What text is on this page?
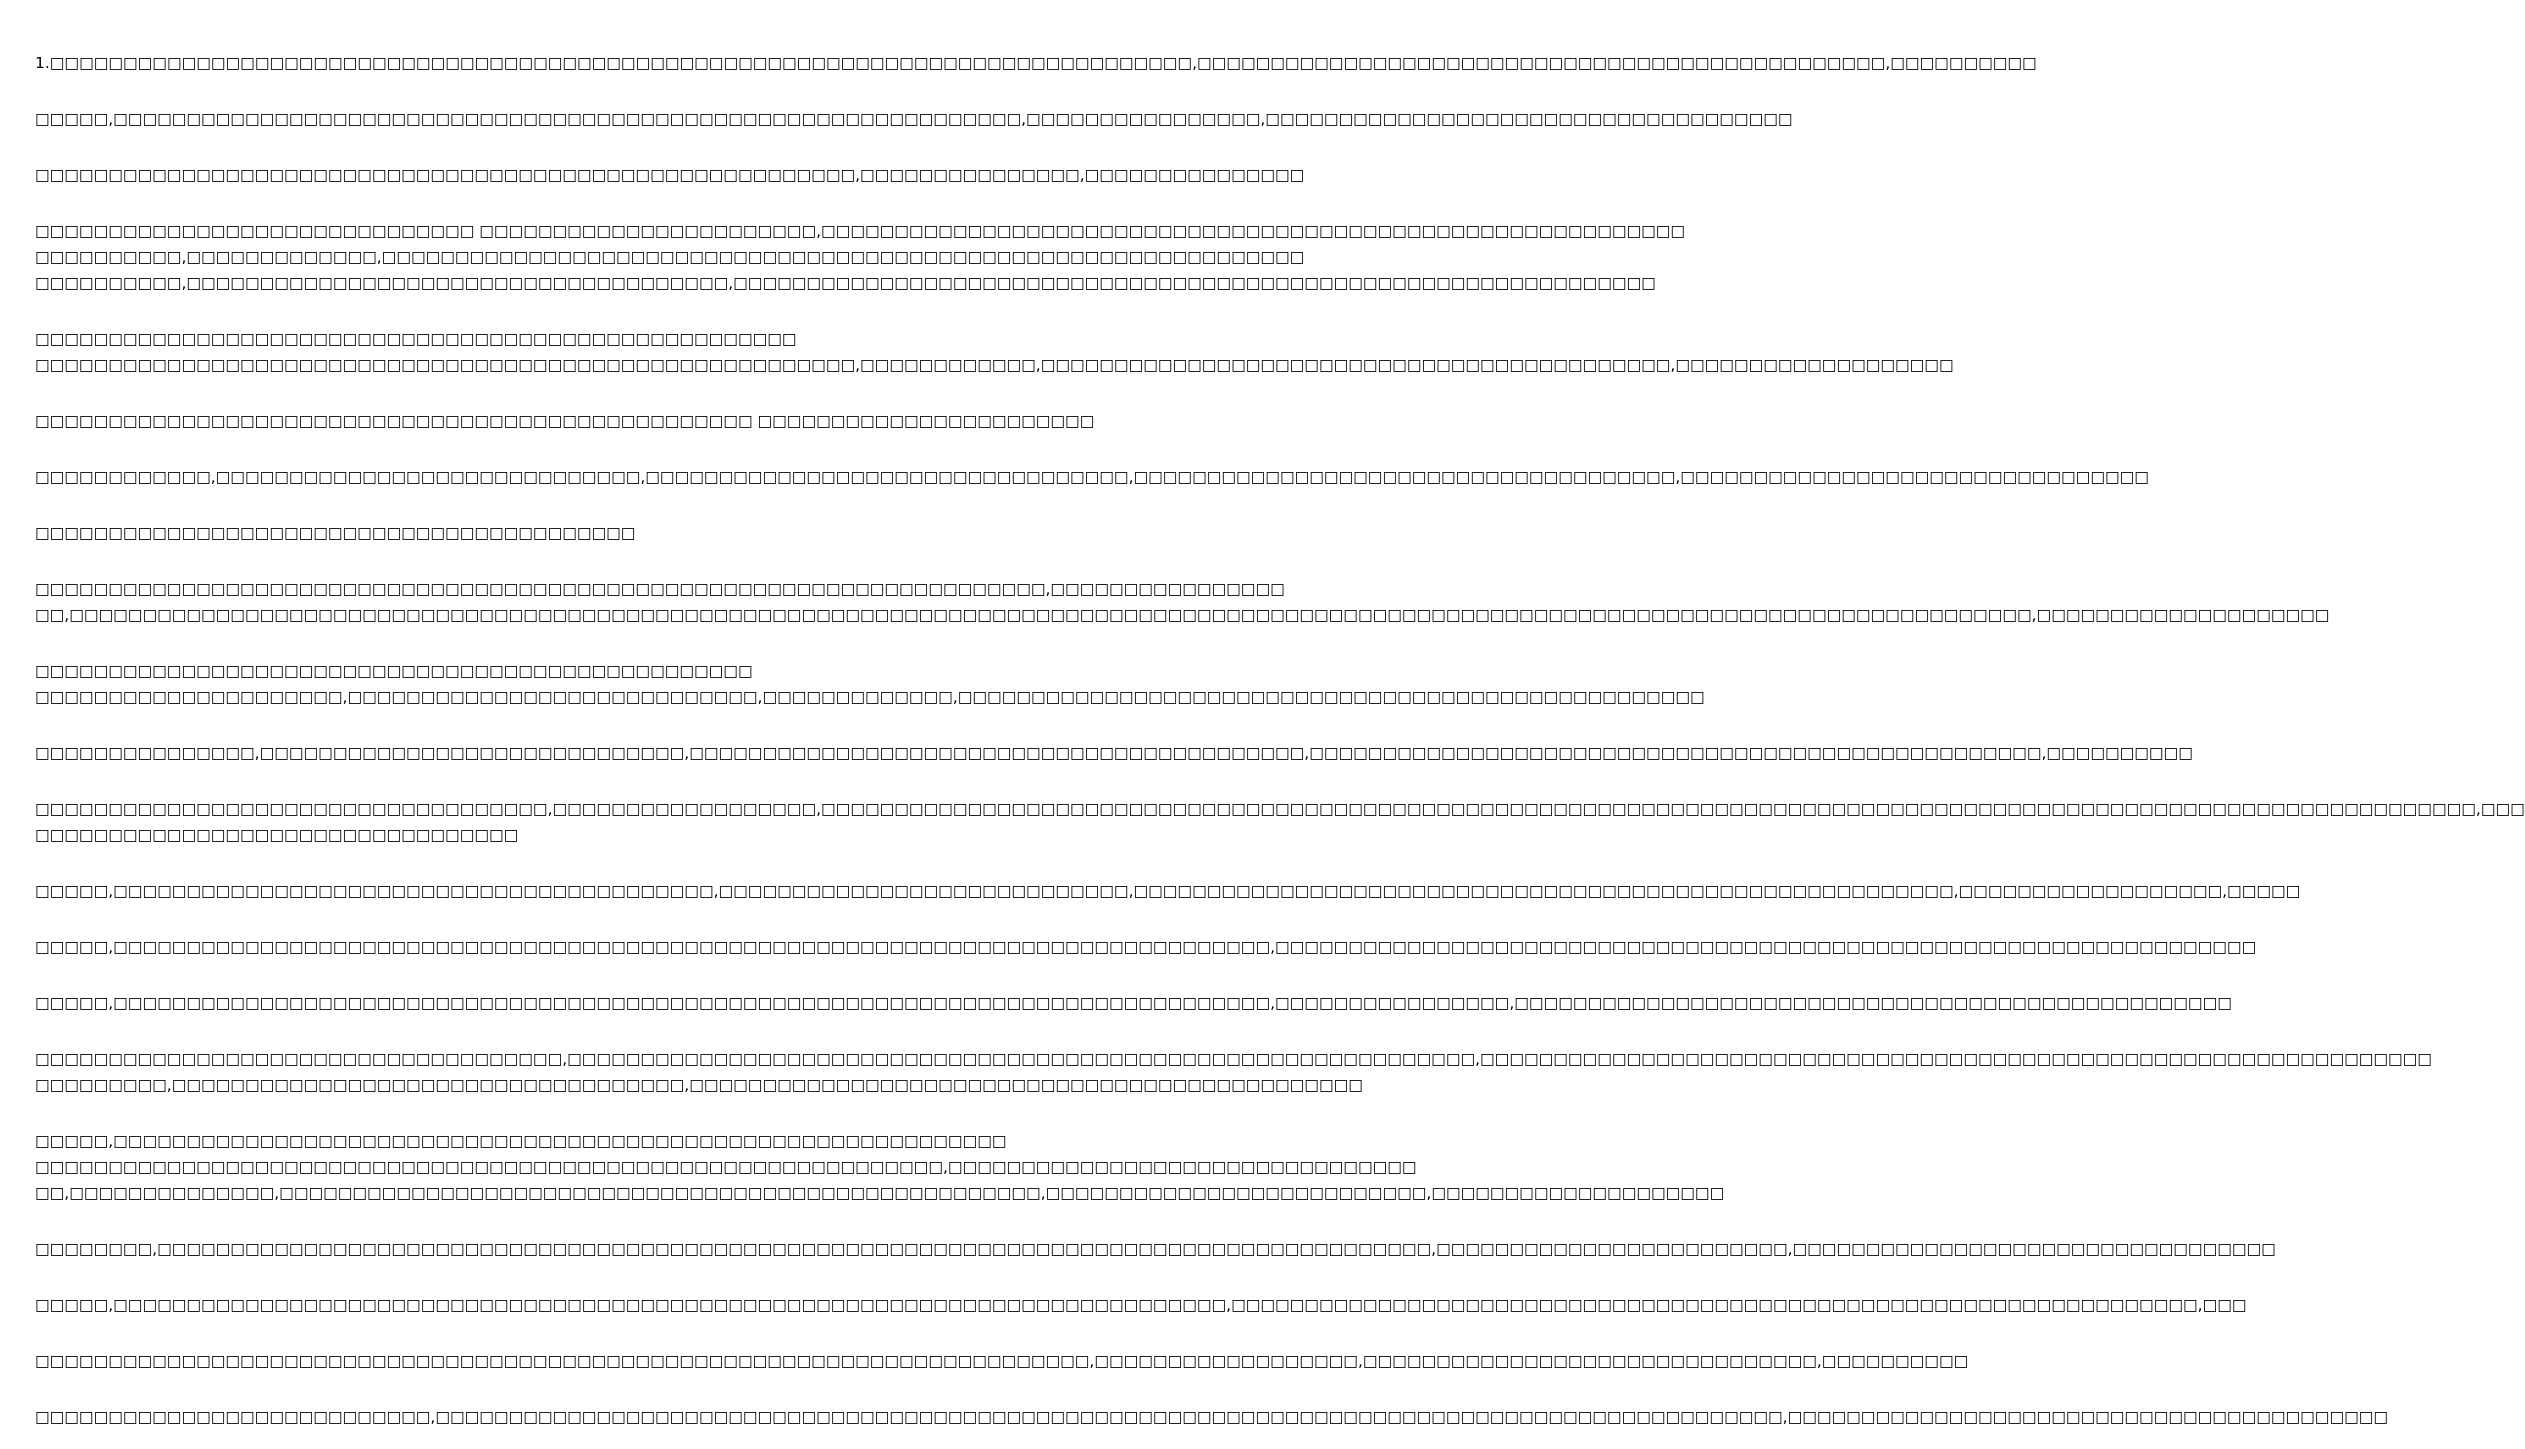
1.□□□□□□□□□□□□□□□□□□□□□□□□□□□□□□□□□□□□□□□□□□□□□□□□□□□□□□□□□□□□□□□□□□□□□□□□□□□□□□,□□□□□□□□□□□□□□□□□□□□□□□□□□□□□□□□□□□□□□□□□□□□□□□,□□□□□□□□□□
□□□□□,□□□□□□□□□□□□□□□□□□□□□□□□□□□□□□□□□□□□□□□□□□□□□□□□□□□□□□□□□□□□□□,□□□□□□□□□□□□□□□□,□□□□□□□□□□□□□□□□□□□□□□□□□□□□□□□□□□□□
□□□□□□□□□□□□□□□□□□□□□□□□□□□□□□□□□□□□□□□□□□□□□□□□□□□□□□□□,□□□□□□□□□□□□□□□,□□□□□□□□□□□□□□□
□□□□□□□□□□□□□□□□□□□□□□□□□□□□□□ □□□□□□□□□□□□□□□□□□□□□□□,□□□□□□□□□□□□□□□□□□□□□□□□□□□□□□□□□□□□□□□□□□□□□□□□□□□□□□□□□□□
□□□□□□□□□□,□□□□□□□□□□□□□,□□□□□□□□□□□□□□□□□□□□□□□□□□□□□□□□□□□□□□□□□□□□□□□□□□□□□□□□□□□□□□□
□□□□□□□□□□,□□□□□□□□□□□□□□□□□□□□□□□□□□□□□□□□□□□□□,□□□□□□□□□□□□□□□□□□□□□□□□□□□□□□□□□□□□□□□□□□□□□□□□□□□□□□□□□□□□□□□
□□□□□□□□□□□□□□□□□□□□□□□□□□□□□□□□□□□□□□□□□□□□□□□□□□□□
□□□□□□□□□□□□□□□□□□□□□□□□□□□□□□□□□□□□□□□□□□□□□□□□□□□□□□□□,□□□□□□□□□□□□,□□□□□□□□□□□□□□□□□□□□□□□□□□□□□□□□□□□□□□□□□□□,□□□□□□□□□□□□□□□□□□□
□□□□□□□□□□□□□□□□□□□□□□□□□□□□□□□□□□□□□□□□□□□□□□□□□ □□□□□□□□□□□□□□□□□□□□□□□
□□□□□□□□□□□□,□□□□□□□□□□□□□□□□□□□□□□□□□□□□□,□□□□□□□□□□□□□□□□□□□□□□□□□□□□□□□□□,□□□□□□□□□□□□□□□□□□□□□□□□□□□□□□□□□□□□□,□□□□□□□□□□□□□□□□□□□□□□□□□□□□□□□□
□□□□□□□□□□□□□□□□□□□□□□□□□□□□□□□□□□□□□□□□□
□□□□□□□□□□□□□□□□□□□□□□□□□□□□□□□□□□□□□□□□□□□□□□□□□□□□□□□□□□□□□□□□□□□□□,□□□□□□□□□□□□□□□□
□□,□□□□□□□□□□□□□□□□□□□□□□□□□□□□□□□□□□□□□□□□□□□□□□□□□□□□□□□□□□□□□□□□□□□□□□□□□□□□□□□□□□□□□□□□□□□□□□□□□□□□□□□□□□□□□□□□□□□□□□□□□□□□□□□□□□□□□□,□□□□□□□□□□□□□□□□□□□□
□□□□□□□□□□□□□□□□□□□□□□□□□□□□□□□□□□□□□□□□□□□□□□□□□
□□□□□□□□□□□□□□□□□□□□□,□□□□□□□□□□□□□□□□□□□□□□□□□□□□,□□□□□□□□□□□□□,□□□□□□□□□□□□□□□□□□□□□□□□□□□□□□□□□□□□□□□□□□□□□□□□□□□
□□□□□□□□□□□□□□□,□□□□□□□□□□□□□□□□□□□□□□□□□□□□□,□□□□□□□□□□□□□□□□□□□□□□□□□□□□□□□□□□□□□□□□□□,□□□□□□□□□□□□□□□□□□□□□□□□□□□□□□□□□□□□□□□□□□□□□□□□□□,□□□□□□□□□□
□□□□□□□□□□□□□□□□□□□□□□□□□□□□□□□□□□□,□□□□□□□□□□□□□□□□□□,□□□□□□□□□□□□□□□□□□□□□□□□□□□□□□□□□□□□□□□□□□□□□□□□□□□□□□□□□□□□□□□□□□□□□□□□□□□□□□□□□□□□□□□□□□□□□□□□□□□□□□□□□□□□□□□□□,□□□
□□□□□□□□□□□□□□□□□□□□□□□□□□□□□□□□□
□□□□□,□□□□□□□□□□□□□□□□□□□□□□□□□□□□□□□□□□□□□□□□□,□□□□□□□□□□□□□□□□□□□□□□□□□□□□,□□□□□□□□□□□□□□□□□□□□□□□□□□□□□□□□□□□□□□□□□□□□□□□□□□□□□□□□,□□□□□□□□□□□□□□□□□□,□□□□□
□□□□□,□□□□□□□□□□□□□□□□□□□□□□□□□□□□□□□□□□□□□□□□□□□□□□□□□□□□□□□□□□□□□□□□□□□□□□□□□□□□□□□,□□□□□□□□□□□□□□□□□□□□□□□□□□□□□□□□□□□□□□□□□□□□□□□□□□□□□□□□□□□□□□□□□□□
□□□□□,□□□□□□□□□□□□□□□□□□□□□□□□□□□□□□□□□□□□□□□□□□□□□□□□□□□□□□□□□□□□□□□□□□□□□□□□□□□□□□□,□□□□□□□□□□□□□□□□,□□□□□□□□□□□□□□□□□□□□□□□□□□□□□□□□□□□□□□□□□□□□□□□□□
□□□□□□□□□□□□□□□□□□□□□□□□□□□□□□□□□□□□,□□□□□□□□□□□□□□□□□□□□□□□□□□□□□□□□□□□□□□□□□□□□□□□□□□□□□□□□□□□□□□,□□□□□□□□□□□□□□□□□□□□□□□□□□□□□□□□□□□□□□□□□□□□□□□□□□□□□□□□□□□□□□□□□
□□□□□□□□□,□□□□□□□□□□□□□□□□□□□□□□□□□□□□□□□□□□□,□□□□□□□□□□□□□□□□□□□□□□□□□□□□□□□□□□□□□□□□□□□□□□
□□□□□,□□□□□□□□□□□□□□□□□□□□□□□□□□□□□□□□□□□□□□□□□□□□□□□□□□□□□□□□□□□□□
□□□□□□□□□□□□□□□□□□□□□□□□□□□□□□□□□□□□□□□□□□□□□□□□□□□□□□□□□□□□□□,□□□□□□□□□□□□□□□□□□□□□□□□□□□□□□□□
□□,□□□□□□□□□□□□□□,□□□□□□□□□□□□□□□□□□□□□□□□□□□□□□□□□□□□□□□□□□□□□□□□□□□□,□□□□□□□□□□□□□□□□□□□□□□□□□□,□□□□□□□□□□□□□□□□□□□□
□□□□□□□□,□□□□□□□□□□□□□□□□□□□□□□□□□□□□□□□□□□□□□□□□□□□□□□□□□□□□□□□□□□□□□□□□□□□□□□□□□□□□□□□□□□□□□□□,□□□□□□□□□□□□□□□□□□□□□□□□,□□□□□□□□□□□□□□□□□□□□□□□□□□□□□□□□□
□□□□□,□□□□□□□□□□□□□□□□□□□□□□□□□□□□□□□□□□□□□□□□□□□□□□□□□□□□□□□□□□□□□□□□□□□□□□□□□□□□,□□□□□□□□□□□□□□□□□□□□□□□□□□□□□□□□□□□□□□□□□□□□□□□□□□□□□□□□□□□□□□□□□□,□□□
□□□□□□□□□□□□□□□□□□□□□□□□□□□□□□□□□□□□□□□□□□□□□□□□□□□□□□□□□□□□□□□□□□□□□□□□,□□□□□□□□□□□□□□□□□□,□□□□□□□□□□□□□□□□□□□□□□□□□□□□□□□,□□□□□□□□□□
□□□□□□□□□□□□□□□□□□□□□□□□□□□,□□□□□□□□□□□□□□□□□□□□□□□□□□□□□□□□□□□□□□□□□□□□□□□□□□□□□□□□□□□□□□□□□□□□□□□□□□□□□□□□□□□□□□□□□□□□,□□□□□□□□□□□□□□□□□□□□□□□□□□□□□□□□□□□□□□□□□
